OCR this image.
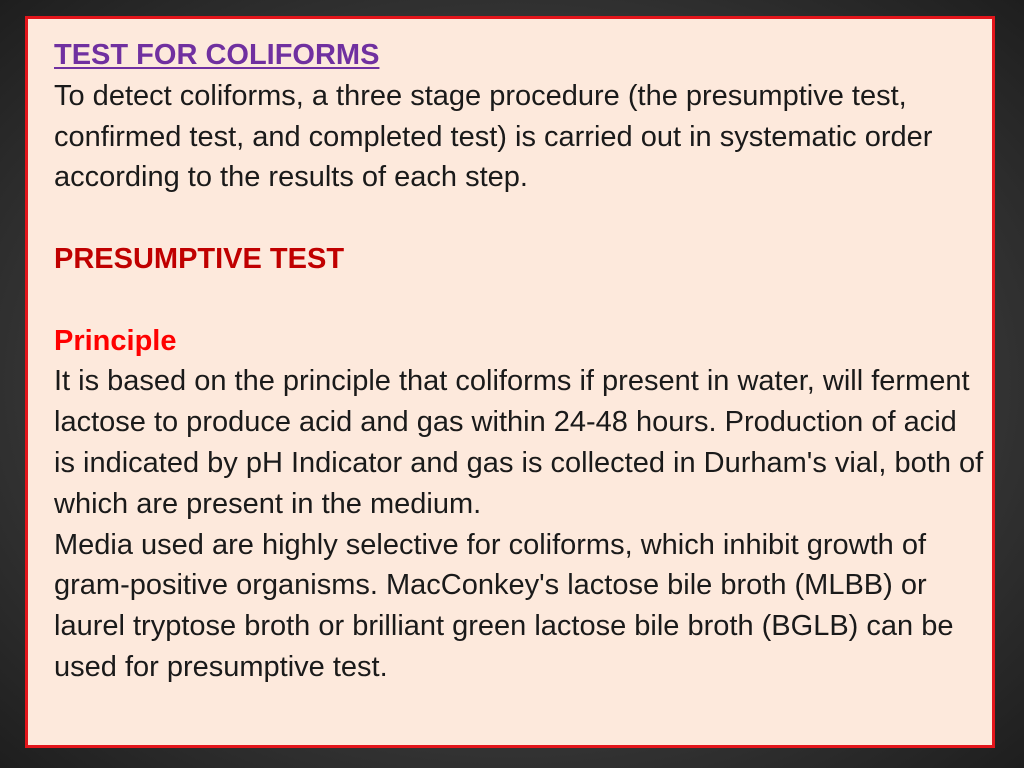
TEST FOR COLIFORMS

To detect coliforms, a three stage procedure (the presumptive test, confirmed test, and completed test) is carried out in systematic order according to the results of each step.

PRESUMPTIVE TEST

Principle

It is based on the principle that coliforms if present in water, will ferment lactose to produce acid and gas within 24-48 hours. Production of acid is indicated by pH Indicator and gas is collected in Durham's vial, both of which are present in the medium.

Media used are highly selective for coliforms, which inhibit growth of gram-positive organisms. MacConkey's lactose bile broth (MLBB) or laurel tryptose broth or brilliant green lactose bile broth (BGLB) can be used for presumptive test.
